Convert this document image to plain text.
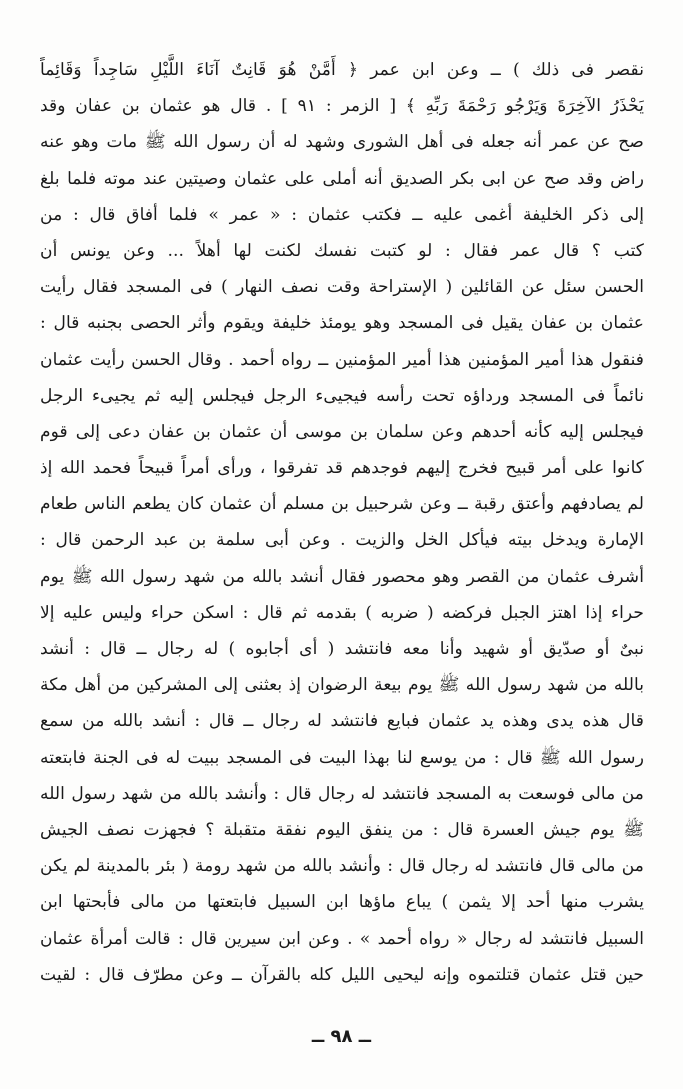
نقصر فى ذلك ) ــ وعن ابن عمر ﴿ أَمَّنْ هُوَ قَانِتٌ آنَاءَ اللَّيْلِ سَاجِداً وَقَائِماً
يَحْذَرُ الآخِرَةَ وَيَرْجُو رَحْمَةَ رَبِّهِ ﴾ [ الزمر : ٩١ ] . قال هو عثمان بن عفان وقد
صح عن عمر أنه جعله فى أهل الشورى وشهد له أن رسول الله ﷺ مات وهو عنه
راض وقد صح عن ابى بكر الصديق أنه أملى على عثمان وصيتين عند موته فلما بلغ
إلى ذكر الخليفة أغمى عليه ــ فكتب عثمان : « عمر » فلما أفاق قال : من
كتب ؟ قال عمر فقال : لو كتبت نفسك لكنت لها أهلاً ... وعن يونس أن
الحسن سئل عن القائلين ( الإستراحة وقت نصف النهار ) فى المسجد فقال رأيت
عثمان بن عفان يقيل فى المسجد وهو يومئذ خليفة ويقوم وأثر الحصى بجنبه قال :
فنقول هذا أمير المؤمنين هذا أمير المؤمنين ــ رواه أحمد . وقال الحسن رأيت عثمان
نائماً فى المسجد ورداؤه تحت رأسه فيجيىء الرجل فيجلس إليه ثم يجيىء الرجل
فيجلس إليه كأنه أحدهم وعن سلمان بن موسى أن عثمان بن عفان دعى إلى قوم
كانوا على أمر قبيح فخرج إليهم فوجدهم قد تفرقوا ، ورأى أمراً قبيحاً فحمد الله إذ
لم يصادفهم وأعتق رقبة ــ وعن شرحبيل بن مسلم أن عثمان كان يطعم الناس طعام
الإمارة ويدخل بيته فيأكل الخل والزيت . وعن أبى سلمة بن عبد الرحمن قال :
أشرف عثمان من القصر وهو محصور فقال أنشد بالله من شهد رسول الله ﷺ يوم
حراء إذا اهتز الجبل فركضه ( ضربه ) بقدمه ثم قال : اسكن حراء وليس عليه إلا
نبىٌ أو صدّيق أو شهيد وأنا معه فانتشد ( أى أجابوه ) له رجال ــ قال : أنشد
بالله من شهد رسول الله ﷺ يوم بيعة الرضوان إذ بعثنى إلى المشركين من أهل مكة
قال هذه يدى وهذه يد عثمان فبايع فانتشد له رجال ــ قال : أنشد بالله من سمع
رسول الله ﷺ قال : من يوسع لنا بهذا البيت فى المسجد ببيت له فى الجنة فابتعته
من مالى فوسعت به المسجد فانتشد له رجال قال : وأنشد بالله من شهد رسول الله
ﷺ يوم جيش العسرة قال : من ينفق اليوم نفقة متقبلة ؟ فجهزت نصف الجيش
من مالى قال فانتشد له رجال قال : وأنشد بالله من شهد رومة ( بئر بالمدينة لم يكن
يشرب منها أحد إلا يثمن ) يباع ماؤها ابن السبيل فابتعتها من مالى فأبحتها ابن
السبيل فانتشد له رجال « رواه أحمد » . وعن ابن سيرين قال : قالت أمرأة عثمان
حين قتل عثمان قتلتموه وإنه ليحيى الليل كله بالقرآن ــ وعن مطرّف قال : لقيت
ــ ٩٨ ــ
